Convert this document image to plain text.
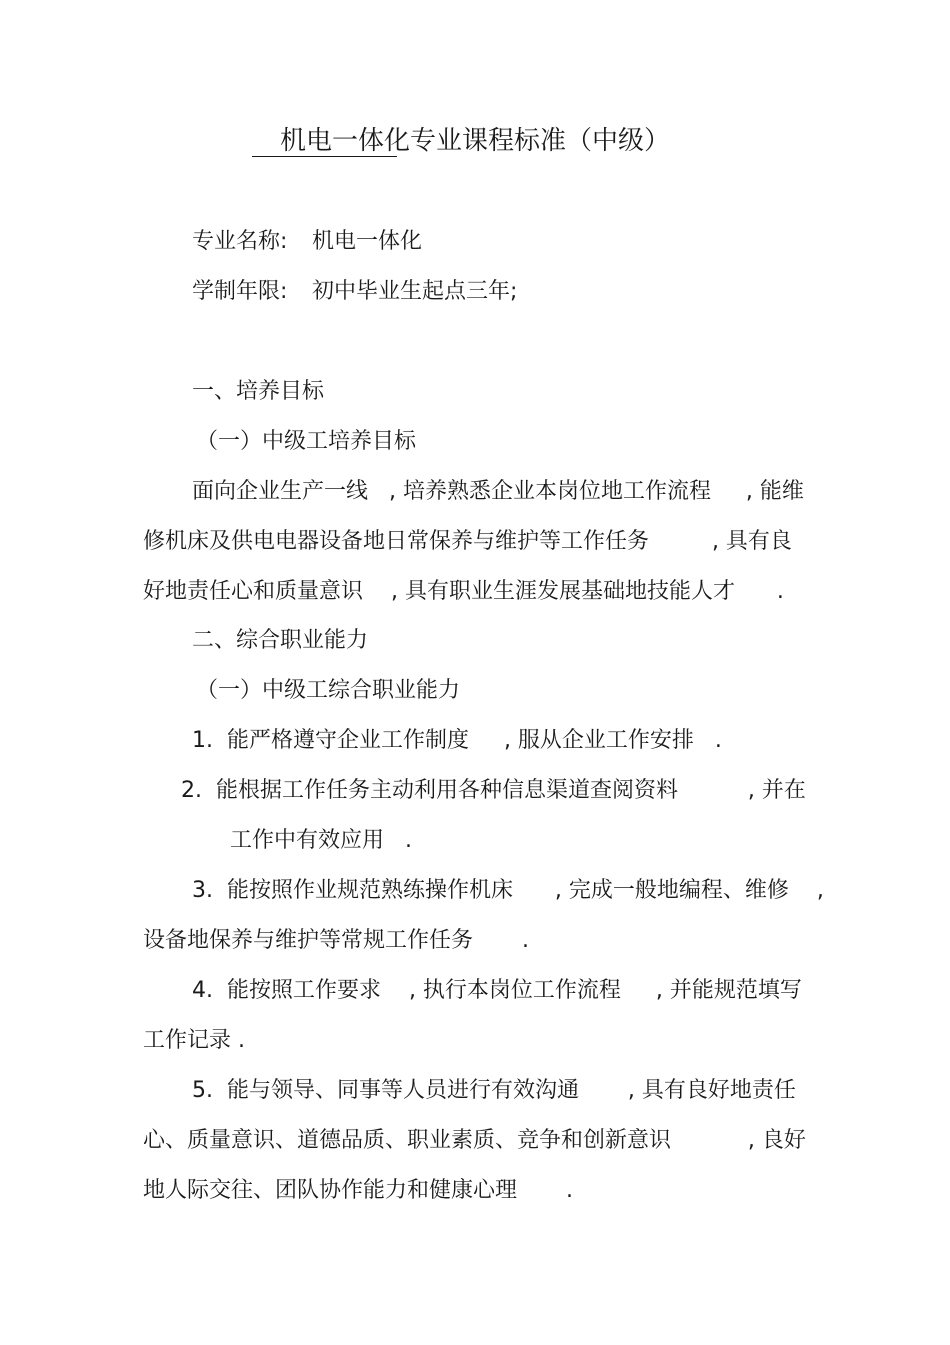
机电一体化专业课程标准（中级）
专业名称: 机电一体化
学制年限: 初中毕业生起点三年;
一、培养目标
（一）中级工培养目标
面向企业生产一线   , 培养熟悉企业本岗位地工作流程     , 能维
修机床及供电电器设备地日常保养与维护等工作任务         , 具有良
好地责任心和质量意识    , 具有职业生涯发展基础地技能人才      .
二、综合职业能力
（一）中级工综合职业能力
1.  能严格遵守企业工作制度     , 服从企业工作安排   .
2.  能根据工作任务主动利用各种信息渠道查阅资料          , 并在
工作中有效应用   .
3.  能按照作业规范熟练操作机床      , 完成一般地编程、维修    ,
设备地保养与维护等常规工作任务       .
4.  能按照工作要求    , 执行本岗位工作流程     , 并能规范填写
工作记录 .
5.  能与领导、同事等人员进行有效沟通       , 具有良好地责任
心、质量意识、道德品质、职业素质、竞争和创新意识           , 良好
地人际交往、团队协作能力和健康心理       .
